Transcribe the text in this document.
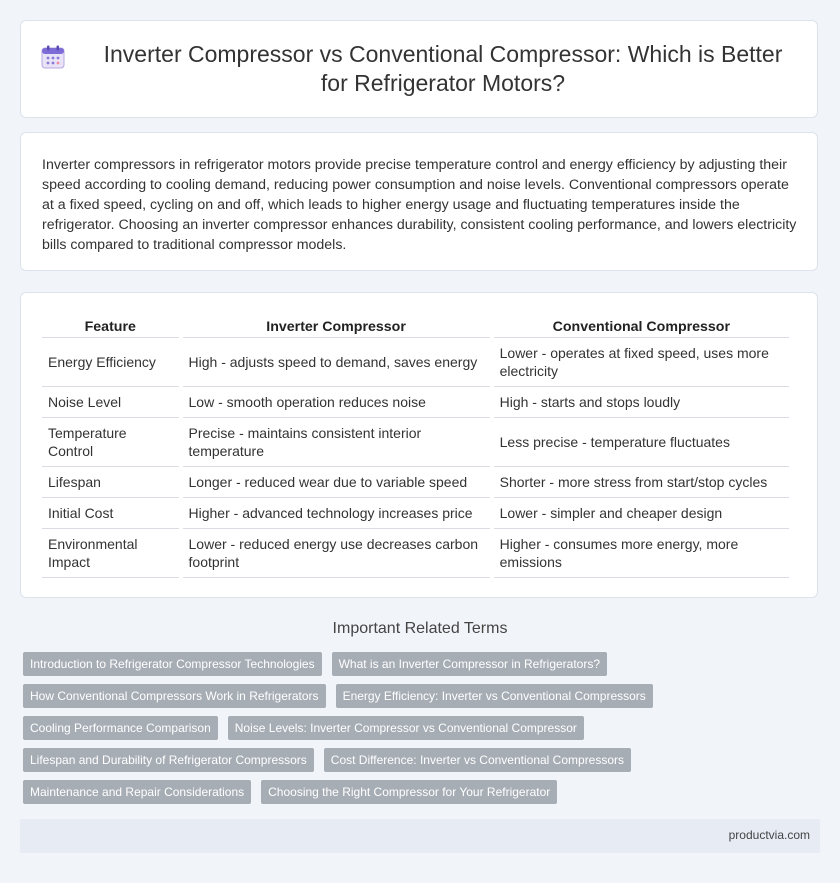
Inverter Compressor vs Conventional Compressor: Which is Better for Refrigerator Motors?

Inverter compressors in refrigerator motors provide precise temperature control and energy efficiency by adjusting their speed according to cooling demand, reducing power consumption and noise levels. Conventional compressors operate at a fixed speed, cycling on and off, which leads to higher energy usage and fluctuating temperatures inside the refrigerator. Choosing an inverter compressor enhances durability, consistent cooling performance, and lowers electricity bills compared to traditional compressor models.

Feature	Inverter Compressor	Conventional Compressor
Energy Efficiency	High - adjusts speed to demand, saves energy	Lower - operates at fixed speed, uses more electricity
Noise Level	Low - smooth operation reduces noise	High - starts and stops loudly
Temperature Control	Precise - maintains consistent interior temperature	Less precise - temperature fluctuates
Lifespan	Longer - reduced wear due to variable speed	Shorter - more stress from start/stop cycles
Initial Cost	Higher - advanced technology increases price	Lower - simpler and cheaper design
Environmental Impact	Lower - reduced energy use decreases carbon footprint	Higher - consumes more energy, more emissions
Important Related Terms
Introduction to Refrigerator Compressor Technologies	What is an Inverter Compressor in Refrigerators?
How Conventional Compressors Work in Refrigerators	Energy Efficiency: Inverter vs Conventional Compressors
Cooling Performance Comparison	Noise Levels: Inverter Compressor vs Conventional Compressor
Lifespan and Durability of Refrigerator Compressors	Cost Difference: Inverter vs Conventional Compressors
Maintenance and Repair Considerations	Choosing the Right Compressor for Your Refrigerator
productvia.com
